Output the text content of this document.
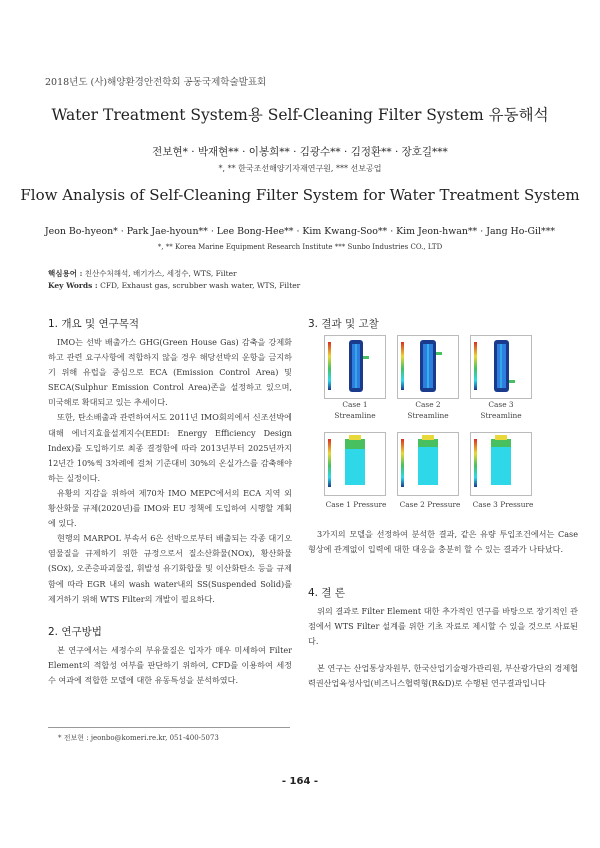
2018년도 (사)해양환경안전학회 공동국제학술발표회
Water Treatment System용 Self-Cleaning Filter System 유동해석
전보현* · 박재현** · 이봉희** · 김광수** · 김정환** · 장호길***
*, ** 한국조선해양기자재연구원, *** 선보공업
Flow Analysis of Self-Cleaning Filter System for Water Treatment System
Jeon Bo-hyeon* · Park Jae-hyoun** · Lee Bong-Hee** · Kim Kwang-Soo** · Kim Jeon-hwan** · Jang Ho-Gil***
*, ** Korea Marine Equipment Research Institute *** Sunbo Industries CO., LTD
핵심용어 : 친산수처해석, 배기가스, 세정수, WTS, Filter
Key Words : CFD, Exhaust gas, scrubber wash water, WTS, Filter
1. 개요 및 연구목적
IMO는 선박 배출가스 GHG(Green House Gas) 감축을 강제화하고 관련 요구사항에 적합하지 않을 경우 해당선박의 운항을 금지하기 위해 유럽을 중심으로 ECA (Emission Control Area) 및 SECA(Sulphur Emission Control Area)존을 설정하고 있으며, 미국해로 확대되고 있는 추세이다.
또한, 탄소배출과 관련하여서도 2011년 IMO회의에서 신조선박에 대해 에너지효율설계지수(EEDI: Energy Efficiency Design Index)를 도입하기로 최종 결정함에 따라 2013년부터 2025년까지 12년간 10%씩 3차례에 걸쳐 기준대비 30%의 온실가스를 감축해야 하는 실정이다.
유황의 지감을 위하여 제70차 IMO MEPC에서의 ECA 지역 외 황산화물 규제(2020년)를 IMO와 EU 정책에 도입하여 시행할 계획에 있다.
현행의 MARPOL 부속서 6은 선박으로부터 배출되는 각종 대기오염물질을 규제하기 위한 규정으로서 질소산화물(NOx), 황산화물(SOx), 오존층파괴물질, 휘발성 유기화합물 및 이산화탄소 등을 규제함에 따라 EGR 내의 wash water내의 SS(Suspended Solid)를 제거하기 위해 WTS Filter의 개발이 필요하다.
2. 연구방법
본 연구에서는 세정수의 부유물질은 입자가 매우 미세하여 Filter Element의 적합성 여부를 판단하기 위하여, CFD를 이용하여 세정수 여과에 적합한 모델에 대한 유동특성을 분석하였다.
3. 결과 및 고찰
Case 1
Streamline
Case 2
Streamline
Case 3
Streamline
Case 1 Pressure	Case 2 Pressure	Case 3 Pressure
3가지의 모델을 선정하여 분석한 결과, 같은 유량 투입조건에서는 Case 형상에 관계없이 입력에 대한 대응을 충분히 할 수 있는 결과가 나타났다.
4. 결 론
위의 결과로 Filter Element 대한 추가적인 연구를 바탕으로 장기적인 관점에서 WTS Filter 설계를 위한 기초 자료로 제시할 수 있을 것으로 사료된다.
본 연구는 산업통상자원부, 한국산업기술평가관리원, 부산광가단의 경제협력권산업육성사업(비즈니스협력형(R&D)로 수행된 연구결과입니다
* 전보현 : jeonbo@komeri.re.kr, 051-400-5073
- 164 -
